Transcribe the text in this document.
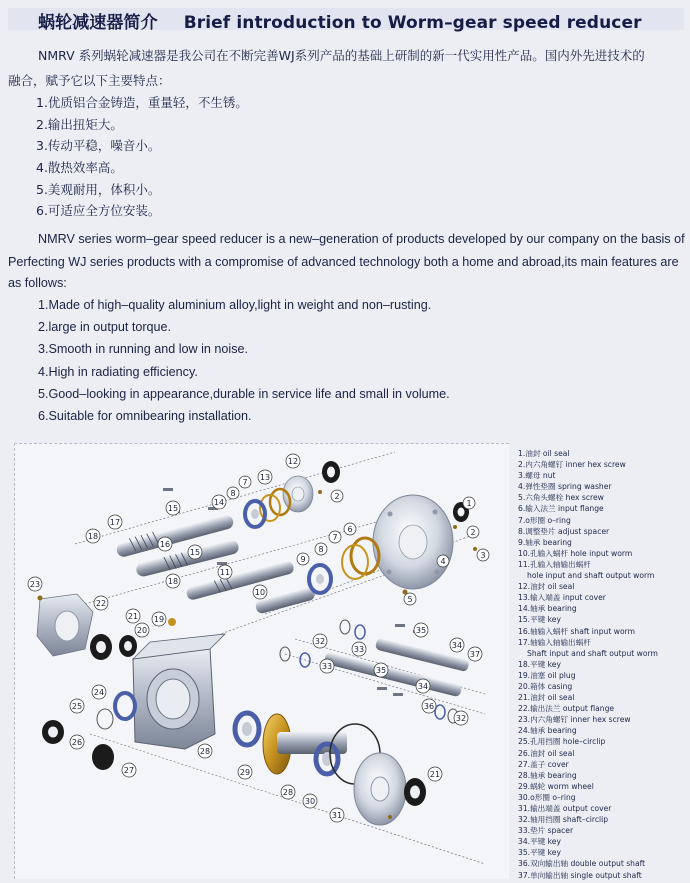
蜗轮减速器简介 Brief introduction to Worm–gear speed reducer
NMRV 系列蜗轮减速器是我公司在不断完善WJ系列产品的基础上研制的新一代实用性产品。国内外先进技术的
融合，赋予它以下主要特点：
1.优质铝合金铸造，重量轻，不生锈。
2.输出扭矩大。
3.传动平稳，噪音小。
4.散热效率高。
5.美观耐用，体积小。
6.可适应全方位安装。
NMRV series worm–gear speed reducer is a new–generation of products developed by our company on the basis of
Perfecting WJ series products with a compromise of advanced technology both a home and abroad,its main features are
as follows:
1.Made of high–quality aluminium alloy,light in weight and non–rusting.
2.large in output torque.
3.Smooth in running and low in noise.
4.High in radiating efficiency.
5.Good–looking in appearance,durable in service life and small in volume.
6.Suitable for omnibearing installation.
1
2
2
3
4
5
6
7
7
8
8
9
10
11
12
13
14
15
15
16
17
18
18
19
20
21
21
22
23
24
25
26
27
28
28
29
30
31
32
32
33
33
34
34
35
35
36
37
1.油封 oil seal
2.内六角螺钉 inner hex screw
3.螺母 nut
4.弹性垫圈 spring washer
5.六角头螺栓 hex screw
6.输入法兰 input flange
7.o形圈 o–ring
8.调整垫片 adjust spacer
9.轴承 bearing
10.孔输入蜗杆 hole input worm
11.孔输入轴输出蜗杆
hole input and shaft output worm
12.油封 oil seal
13.输入端盖 input cover
14.轴承 bearing
15.平键 key
16.轴输入蜗杆 shaft input worm
17.轴输入轴输出蜗杆
Shaft input and shaft output worm
18.平键 key
19.油塞 oil plug
20.箱体 casing
21.油封 oil seal
22.输出法兰 output flange
23.内六角螺钉 inner hex screw
24.轴承 bearing
25.孔用挡圈 hole–circlip
26.油封 oil seal
27.盖子 cover
28.轴承 bearing
29.蜗轮 worm wheel
30.o形圈 o–ring
31.输出端盖 output cover
32.轴用挡圈 shaft–circlip
33.垫片 spacer
34.平键 key
35.平键 key
36.双向输出轴 double output shaft
37.单向输出轴 single output shaft
